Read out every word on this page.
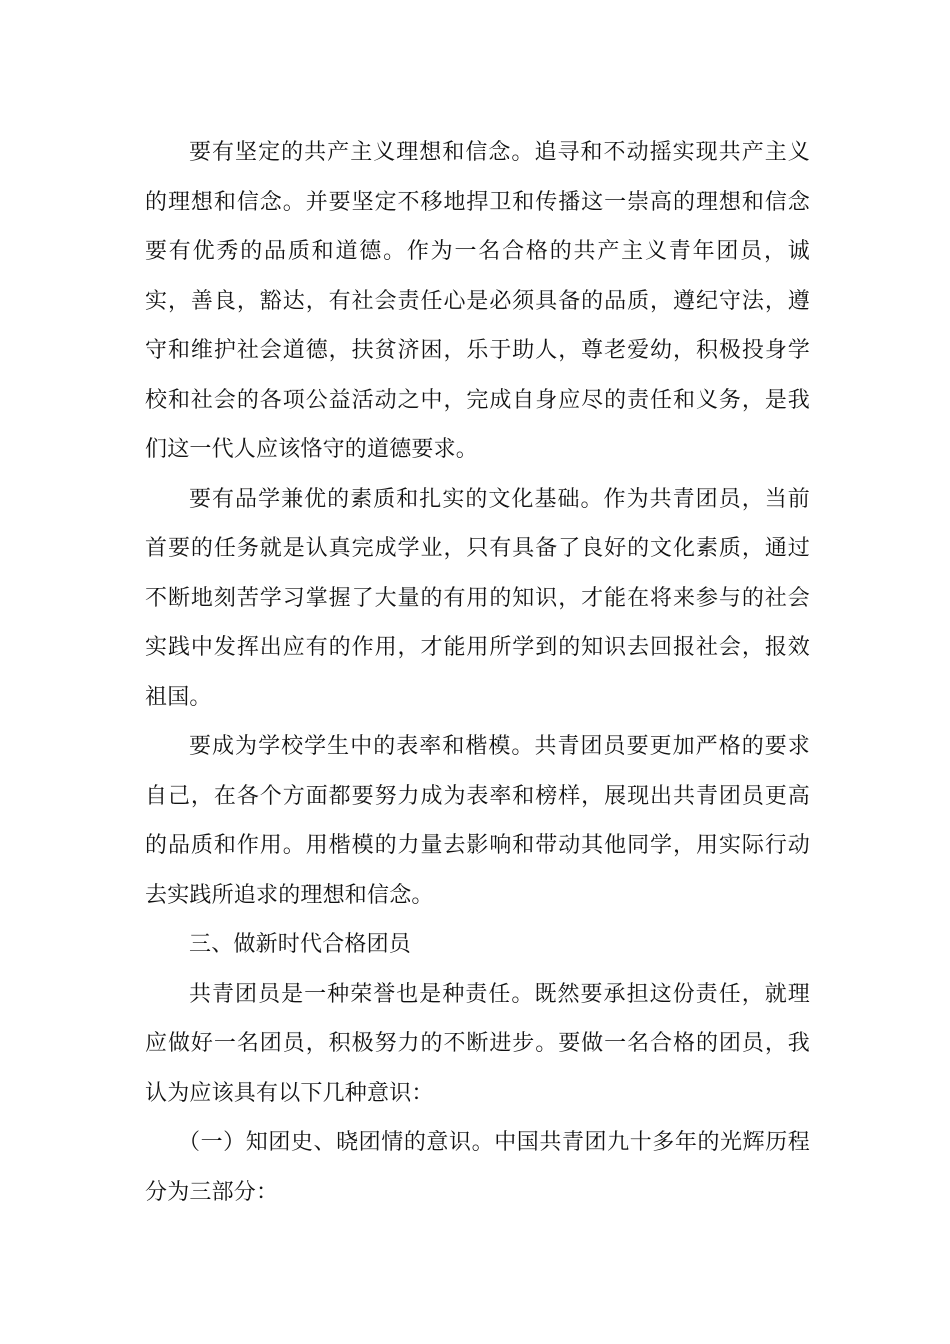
要有坚定的共产主义理想和信念。追寻和不动摇实现共产主义的理想和信念。并要坚定不移地捍卫和传播这一崇高的理想和信念要有优秀的品质和道德。作为一名合格的共产主义青年团员，诚实，善良，豁达，有社会责任心是必须具备的品质，遵纪守法，遵守和维护社会道德，扶贫济困，乐于助人，尊老爱幼，积极投身学校和社会的各项公益活动之中，完成自身应尽的责任和义务，是我们这一代人应该恪守的道德要求。

要有品学兼优的素质和扎实的文化基础。作为共青团员，当前首要的任务就是认真完成学业，只有具备了良好的文化素质，通过不断地刻苦学习掌握了大量的有用的知识，才能在将来参与的社会实践中发挥出应有的作用，才能用所学到的知识去回报社会，报效祖国。

要成为学校学生中的表率和楷模。共青团员要更加严格的要求自己，在各个方面都要努力成为表率和榜样，展现出共青团员更高的品质和作用。用楷模的力量去影响和带动其他同学，用实际行动去实践所追求的理想和信念。

三、做新时代合格团员

共青团员是一种荣誉也是种责任。既然要承担这份责任，就理应做好一名团员，积极努力的不断进步。要做一名合格的团员，我认为应该具有以下几种意识：

（一）知团史、晓团情的意识。中国共青团九十多年的光辉历程分为三部分：
